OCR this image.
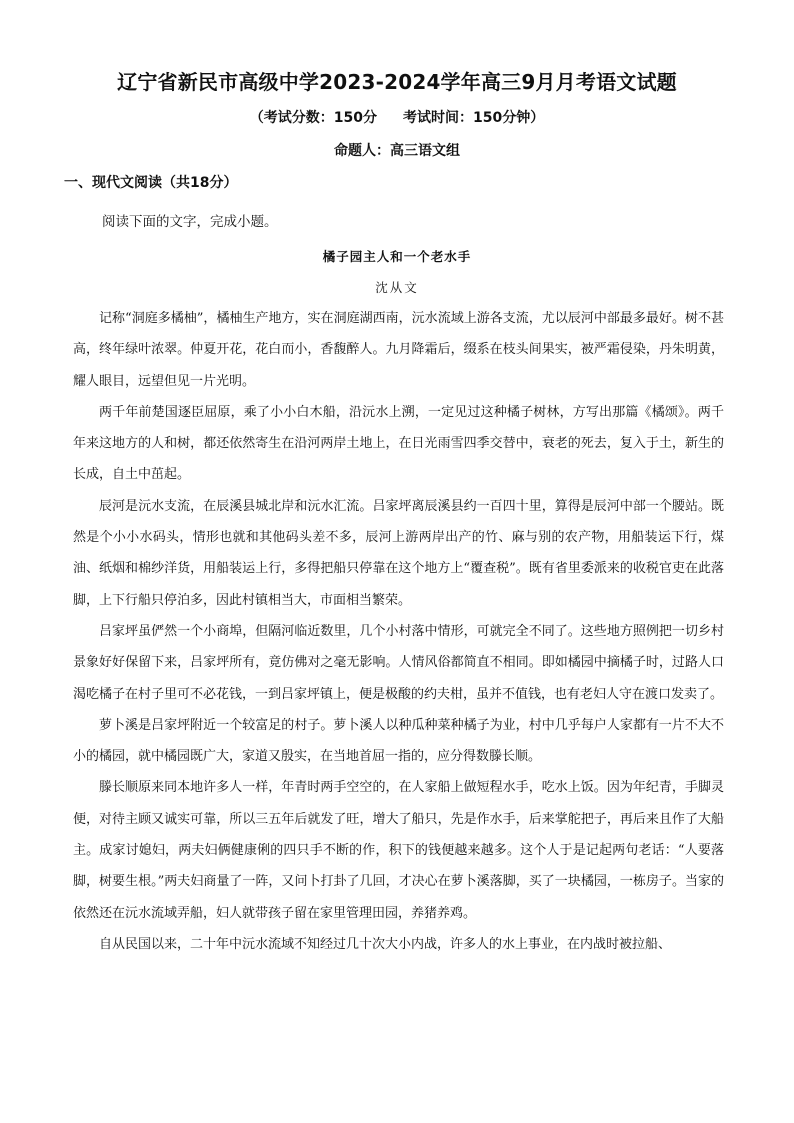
辽宁省新民市高级中学2023-2024学年高三9月月考语文试题
（考试分数：150分 考试时间：150分钟）
命题人：高三语文组
一、现代文阅读（共18分）
阅读下面的文字，完成小题。
橘子园主人和一个老水手
沈从文

记称“洞庭多橘柚”，橘柚生产地方，实在洞庭湖西南，沅水流域上游各支流，尤以辰河中部最多最好。树不甚高，终年绿叶浓翠。仲夏开花，花白而小，香馥醉人。九月降霜后，缀系在枝头间果实，被严霜侵染，丹朱明黄，耀人眼目，远望但见一片光明。

两千年前楚国逐臣屈原，乘了小小白木船，沿沅水上溯，一定见过这种橘子树林，方写出那篇《橘颂》。两千年来这地方的人和树，都还依然寄生在沿河两岸土地上，在日光雨雪四季交替中，衰老的死去，复入于土，新生的长成，自土中茁起。

辰河是沅水支流，在辰溪县城北岸和沅水汇流。吕家坪离辰溪县约一百四十里，算得是辰河中部一个腰站。既然是个小小水码头，情形也就和其他码头差不多，辰河上游两岸出产的竹、麻与别的农产物，用船装运下行，煤油、纸烟和棉纱洋货，用船装运上行，多得把船只停靠在这个地方上“覆查税”。既有省里委派来的收税官吏在此落脚，上下行船只停泊多，因此村镇相当大，市面相当繁荣。

吕家坪虽俨然一个小商埠，但隔河临近数里，几个小村落中情形，可就完全不同了。这些地方照例把一切乡村景象好好保留下来，吕家坪所有，竟仿佛对之毫无影响。人情风俗都简直不相同。即如橘园中摘橘子时，过路人口渴吃橘子在村子里可不必花钱，一到吕家坪镇上，便是极酸的约夫柑，虽并不值钱，也有老妇人守在渡口发卖了。

萝卜溪是吕家坪附近一个较富足的村子。萝卜溪人以种瓜种菜种橘子为业，村中几乎每户人家都有一片不大不小的橘园，就中橘园既广大，家道又殷实，在当地首屈一指的，应分得数滕长顺。

滕长顺原来同本地许多人一样，年青时两手空空的，在人家船上做短程水手，吃水上饭。因为年纪青，手脚灵便，对待主顾又诚实可靠，所以三五年后就发了旺，增大了船只，先是作水手，后来掌舵把子，再后来且作了大船主。成家讨媳妇，两夫妇俩健康俐的四只手不断的作，积下的钱便越来越多。这个人于是记起两句老话：“人要落脚，树要生根。”两夫妇商量了一阵，又问卜打卦了几回，才决心在萝卜溪落脚，买了一块橘园，一栋房子。当家的依然还在沅水流域弄船，妇人就带孩子留在家里管理田园，养猪养鸡。

自从民国以来，二十年中沅水流域不知经过几十次大小内战，许多人的水上事业，在内战时被拉船、
